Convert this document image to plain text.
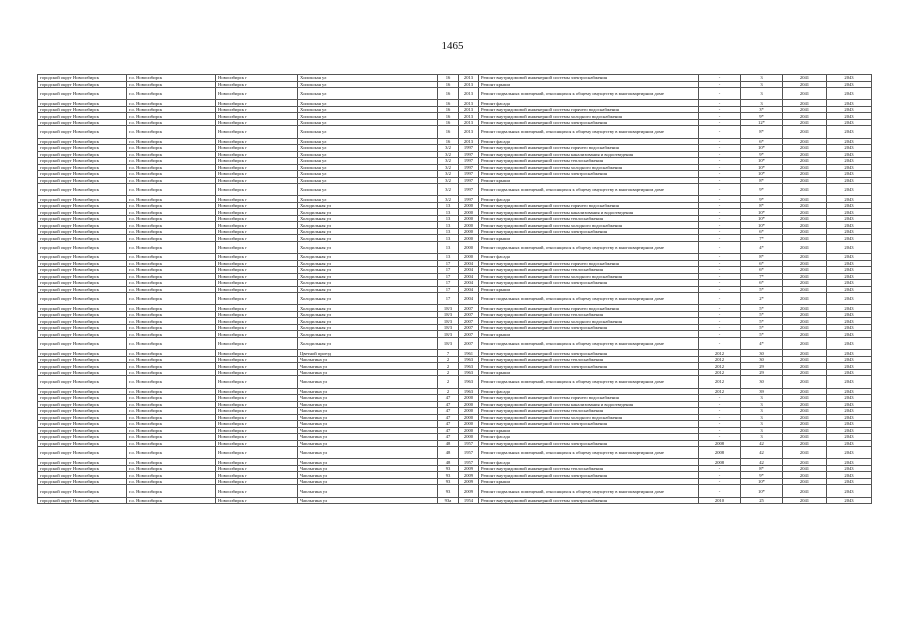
1465
городской округ Новосибирск	г.о. Новосибирск	Новосибирск г	Хилокская ул	16	2013	Ремонт внутридомовой инженерной системы электроснабжения	-	3	2041	2043
городской округ Новосибирск	г.о. Новосибирск	Новосибирск г	Хилокская ул	16	2013	Ремонт крыши	-	3	2041	2043
городской округ Новосибирск	г.о. Новосибирск	Новосибирск г	Хилокская ул	16	2013	Ремонт подвальных помещений, относящихся к общему имуществу в многоквартирном доме	-	3	2041	2043
городской округ Новосибирск	г.о. Новосибирск	Новосибирск г	Хилокская ул	16	2013	Ремонт фасада	-	3	2041	2043
городской округ Новосибирск	г.о. Новосибирск	Новосибирск г	Хилокская ул	16	2013	Ремонт внутридомовой инженерной системы горячего водоснабжения	-	3*	2041	2043
городской округ Новосибирск	г.о. Новосибирск	Новосибирск г	Хилокская ул	16	2013	Ремонт внутридомовой инженерной системы холодного водоснабжения	-	9*	2041	2043
городской округ Новосибирск	г.о. Новосибирск	Новосибирск г	Хилокская ул	16	2013	Ремонт внутридомовой инженерной системы электроснабжения	-	12*	2041	2043
городской округ Новосибирск	г.о. Новосибирск	Новосибирск г	Хилокская ул	16	2013	Ремонт подвальных помещений, относящихся к общему имуществу в многоквартирном доме	-	8*	2041	2043
городской округ Новосибирск	г.о. Новосибирск	Новосибирск г	Хилокская ул	16	2013	Ремонт фасада	-	6*	2041	2043
городской округ Новосибирск	г.о. Новосибирск	Новосибирск г	Хилокская ул	3/2	1997	Ремонт внутридомовой инженерной системы горячего водоснабжения	-	10*	2041	2043
городской округ Новосибирск	г.о. Новосибирск	Новосибирск г	Хилокская ул	3/2	1997	Ремонт внутридомовой инженерной системы канализования и водоотведения	-	9*	2041	2043
городской округ Новосибирск	г.о. Новосибирск	Новосибирск г	Хилокская ул	3/2	1997	Ремонт внутридомовой инженерной системы теплоснабжения	-	10*	2041	2043
городской округ Новосибирск	г.о. Новосибирск	Новосибирск г	Хилокская ул	3/2	1997	Ремонт внутридомовой инженерной системы холодного водоснабжения	-	10*	2041	2043
городской округ Новосибирск	г.о. Новосибирск	Новосибирск г	Хилокская ул	3/2	1997	Ремонт внутридомовой инженерной системы электроснабжения	-	10*	2041	2043
городской округ Новосибирск	г.о. Новосибирск	Новосибирск г	Хилокская ул	3/2	1997	Ремонт крыши	-	8*	2041	2043
городской округ Новосибирск	г.о. Новосибирск	Новосибирск г	Хилокская ул	3/2	1997	Ремонт подвальных помещений, относящихся к общему имуществу в многоквартирном доме	-	9*	2041	2043
городской округ Новосибирск	г.о. Новосибирск	Новосибирск г	Хилокская ул	3/2	1997	Ремонт фасада	-	9*	2041	2043
городской округ Новосибирск	г.о. Новосибирск	Новосибирск г	Холодильная ул	13	2000	Ремонт внутридомовой инженерной системы горячего водоснабжения	-	8*	2041	2043
городской округ Новосибирск	г.о. Новосибирск	Новосибирск г	Холодильная ул	13	2000	Ремонт внутридомовой инженерной системы канализования и водоотведения	-	10*	2041	2043
городской округ Новосибирск	г.о. Новосибирск	Новосибирск г	Холодильная ул	13	2000	Ремонт внутридомовой инженерной системы теплоснабжения	-	10*	2041	2043
городской округ Новосибирск	г.о. Новосибирск	Новосибирск г	Холодильная ул	13	2000	Ремонт внутридомовой инженерной системы холодного водоснабжения	-	10*	2041	2043
городской округ Новосибирск	г.о. Новосибирск	Новосибирск г	Холодильная ул	13	2000	Ремонт внутридомовой инженерной системы электроснабжения	-	6*	2041	2043
городской округ Новосибирск	г.о. Новосибирск	Новосибирск г	Холодильная ул	13	2000	Ремонт крыши	-	7*	2041	2043
городской округ Новосибирск	г.о. Новосибирск	Новосибирск г	Холодильная ул	13	2000	Ремонт подвальных помещений, относящихся к общему имуществу в многоквартирном доме	-	4*	2041	2043
городской округ Новосибирск	г.о. Новосибирск	Новосибирск г	Холодильная ул	13	2000	Ремонт фасада	-	8*	2041	2043
городской округ Новосибирск	г.о. Новосибирск	Новосибирск г	Холодильная ул	17	2004	Ремонт внутридомовой инженерной системы горячего водоснабжения	-	6*	2041	2043
городской округ Новосибирск	г.о. Новосибирск	Новосибирск г	Холодильная ул	17	2004	Ремонт внутридомовой инженерной системы теплоснабжения	-	6*	2041	2043
городской округ Новосибирск	г.о. Новосибирск	Новосибирск г	Холодильная ул	17	2004	Ремонт внутридомовой инженерной системы холодного водоснабжения	-	7*	2041	2043
городской округ Новосибирск	г.о. Новосибирск	Новосибирск г	Холодильная ул	17	2004	Ремонт внутридомовой инженерной системы электроснабжения	-	6*	2041	2043
городской округ Новосибирск	г.о. Новосибирск	Новосибирск г	Холодильная ул	17	2004	Ремонт крыши	-	5*	2041	2043
городской округ Новосибирск	г.о. Новосибирск	Новосибирск г	Холодильная ул	17	2004	Ремонт подвальных помещений, относящихся к общему имуществу в многоквартирном доме	-	2*	2041	2043
городской округ Новосибирск	г.о. Новосибирск	Новосибирск г	Холодильная ул	18/3	2007	Ремонт внутридомовой инженерной системы горячего водоснабжения	-	5*	2041	2043
городской округ Новосибирск	г.о. Новосибирск	Новосибирск г	Холодильная ул	18/3	2007	Ремонт внутридомовой инженерной системы теплоснабжения	-	5*	2041	2043
городской округ Новосибирск	г.о. Новосибирск	Новосибирск г	Холодильная ул	18/3	2007	Ремонт внутридомовой инженерной системы холодного водоснабжения	-	5*	2041	2043
городской округ Новосибирск	г.о. Новосибирск	Новосибирск г	Холодильная ул	18/3	2007	Ремонт внутридомовой инженерной системы электроснабжения	-	5*	2041	2043
городской округ Новосибирск	г.о. Новосибирск	Новосибирск г	Холодильная ул	18/3	2007	Ремонт крыши	-	5*	2041	2043
городской округ Новосибирск	г.о. Новосибирск	Новосибирск г	Холодильная ул	18/3	2007	Ремонт подвальных помещений, относящихся к общему имуществу в многоквартирном доме	-	4*	2041	2043
городской округ Новосибирск	г.о. Новосибирск	Новосибирск г	Цветной проезд	7	1961	Ремонт внутридомовой инженерной системы электроснабжения	2012	30	2041	2043
городской округ Новосибирск	г.о. Новосибирск	Новосибирск г	Чаплыгина ул	2	1963	Ремонт внутридомовой инженерной системы теплоснабжения	2012	30	2041	2043
городской округ Новосибирск	г.о. Новосибирск	Новосибирск г	Чаплыгина ул	2	1963	Ремонт внутридомовой инженерной системы электроснабжения	2012	29	2041	2043
городской округ Новосибирск	г.о. Новосибирск	Новосибирск г	Чаплыгина ул	2	1963	Ремонт крыши	2012	29	2041	2043
городской округ Новосибирск	г.о. Новосибирск	Новосибирск г	Чаплыгина ул	2	1963	Ремонт подвальных помещений, относящихся к общему имуществу в многоквартирном доме	2012	30	2041	2043
городской округ Новосибирск	г.о. Новосибирск	Новосибирск г	Чаплыгина ул	2	1963	Ремонт фасада	2012	39	2041	2043
городской округ Новосибирск	г.о. Новосибирск	Новосибирск г	Чаплыгина ул	47	2000	Ремонт внутридомовой инженерной системы горячего водоснабжения	-	3	2041	2043
городской округ Новосибирск	г.о. Новосибирск	Новосибирск г	Чаплыгина ул	47	2000	Ремонт внутридомовой инженерной системы канализования и водоотведения	-	3	2041	2043
городской округ Новосибирск	г.о. Новосибирск	Новосибирск г	Чаплыгина ул	47	2000	Ремонт внутридомовой инженерной системы теплоснабжения	-	3	2041	2043
городской округ Новосибирск	г.о. Новосибирск	Новосибирск г	Чаплыгина ул	47	2000	Ремонт внутридомовой инженерной системы холодного водоснабжения	-	3	2041	2043
городской округ Новосибирск	г.о. Новосибирск	Новосибирск г	Чаплыгина ул	47	2000	Ремонт внутридомовой инженерной системы электроснабжения	-	3	2041	2043
городской округ Новосибирск	г.о. Новосибирск	Новосибирск г	Чаплыгина ул	47	2000	Ремонт крыши	-	3	2041	2043
городской округ Новосибирск	г.о. Новосибирск	Новосибирск г	Чаплыгина ул	47	2000	Ремонт фасада	-	3	2041	2043
городской округ Новосибирск	г.о. Новосибирск	Новосибирск г	Чаплыгина ул	48	1957	Ремонт внутридомовой инженерной системы электроснабжения	2008	42	2041	2043
городской округ Новосибирск	г.о. Новосибирск	Новосибирск г	Чаплыгина ул	48	1957	Ремонт подвальных помещений, относящихся к общему имуществу в многоквартирном доме	2008	42	2041	2043
городской округ Новосибирск	г.о. Новосибирск	Новосибирск г	Чаплыгина ул	48	1957	Ремонт фасада	2008	42	2041	2043
городской округ Новосибирск	г.о. Новосибирск	Новосибирск г	Чаплыгина ул	93	2009	Ремонт внутридомовой инженерной системы теплоснабжения	-	8*	2041	2043
городской округ Новосибирск	г.о. Новосибирск	Новосибирск г	Чаплыгина ул	93	2009	Ремонт внутридомовой инженерной системы электроснабжения	-	9*	2041	2043
городской округ Новосибирск	г.о. Новосибирск	Новосибирск г	Чаплыгина ул	93	2009	Ремонт крыши	-	10*	2041	2043
городской округ Новосибирск	г.о. Новосибирск	Новосибирск г	Чаплыгина ул	93	2009	Ремонт подвальных помещений, относящихся к общему имуществу в многоквартирном доме	-	10*	2041	2043
городской округ Новосибирск	г.о. Новосибирск	Новосибирск г	Чаплыгина ул	93а	1954	Ремонт внутридомовой инженерной системы электроснабжения	2010	25	2041	2043
